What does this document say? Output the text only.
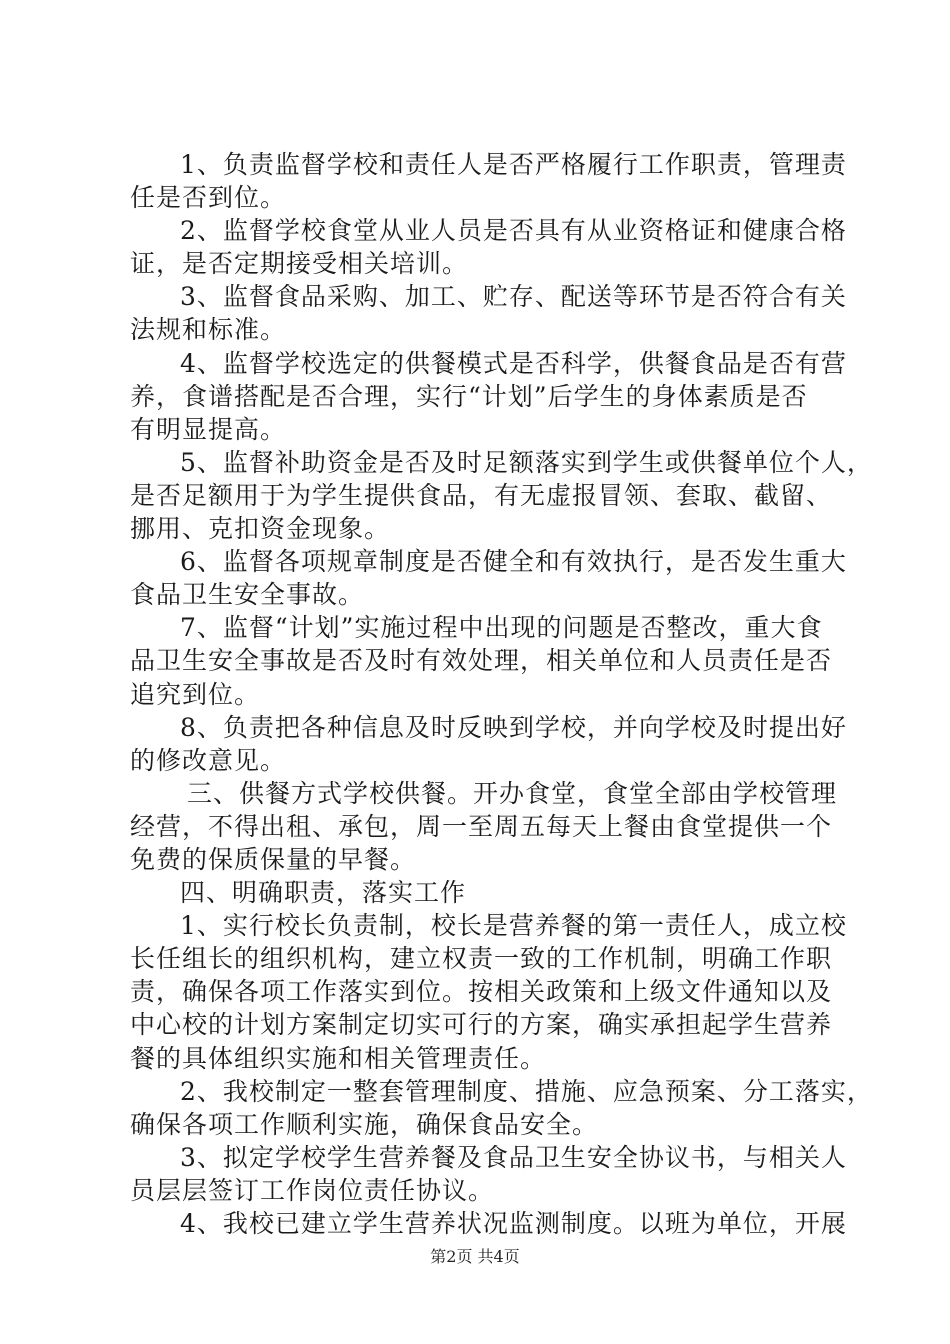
1、负责监督学校和责任人是否严格履行工作职责，管理责
任是否到位。
2、监督学校食堂从业人员是否具有从业资格证和健康合格
证，是否定期接受相关培训。
3、监督食品采购、加工、贮存、配送等环节是否符合有关
法规和标准。
4、监督学校选定的供餐模式是否科学，供餐食品是否有营
养，食谱搭配是否合理，实行“计划”后学生的身体素质是否
有明显提高。
5、监督补助资金是否及时足额落实到学生或供餐单位个人，
是否足额用于为学生提供食品，有无虚报冒领、套取、截留、
挪用、克扣资金现象。
6、监督各项规章制度是否健全和有效执行，是否发生重大
食品卫生安全事故。
7、监督“计划”实施过程中出现的问题是否整改，重大食
品卫生安全事故是否及时有效处理，相关单位和人员责任是否
追究到位。
8、负责把各种信息及时反映到学校，并向学校及时提出好
的修改意见。
三、供餐方式学校供餐。开办食堂，食堂全部由学校管理
经营，不得出租、承包，周一至周五每天上餐由食堂提供一个
免费的保质保量的早餐。
四、明确职责，落实工作
1、实行校长负责制，校长是营养餐的第一责任人，成立校
长任组长的组织机构，建立权责一致的工作机制，明确工作职
责，确保各项工作落实到位。按相关政策和上级文件通知以及
中心校的计划方案制定切实可行的方案，确实承担起学生营养
餐的具体组织实施和相关管理责任。
2、我校制定一整套管理制度、措施、应急预案、分工落实，
确保各项工作顺利实施，确保食品安全。
3、拟定学校学生营养餐及食品卫生安全协议书，与相关人
员层层签订工作岗位责任协议。
4、我校已建立学生营养状况监测制度。以班为单位，开展
第2页 共4页
